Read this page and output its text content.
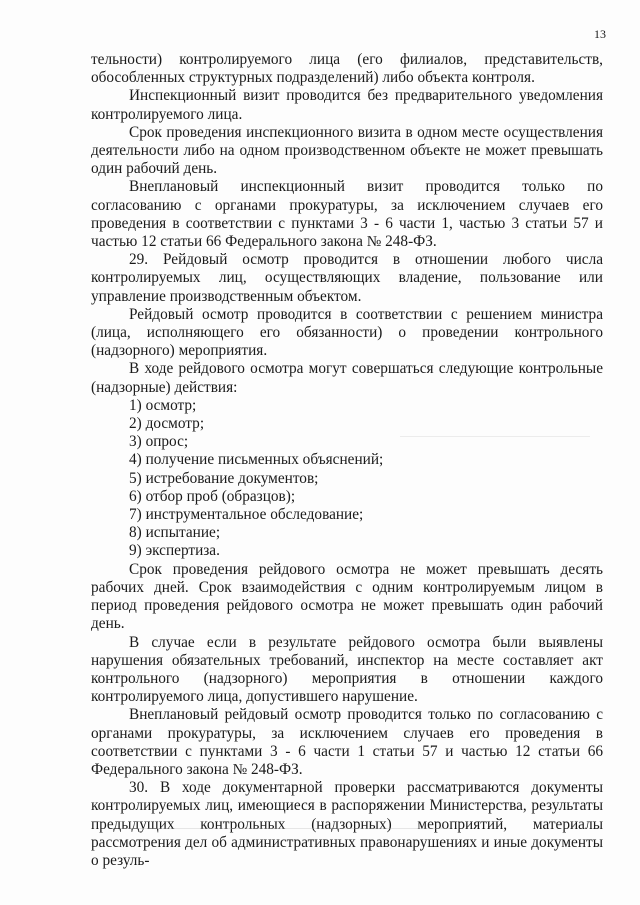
13

тельности) контролируемого лица (его филиалов, представительств, обособленных структурных подразделений) либо объекта контроля.

Инспекционный визит проводится без предварительного уведомления контролируемого лица.

Срок проведения инспекционного визита в одном месте осуществления деятельности либо на одном производственном объекте не может превышать один рабочий день.

Внеплановый инспекционный визит проводится только по согласованию с органами прокуратуры, за исключением случаев его проведения в соответствии с пунктами 3 - 6 части 1, частью 3 статьи 57 и частью 12 статьи 66 Федерального закона № 248-ФЗ.

29. Рейдовый осмотр проводится в отношении любого числа контролируемых лиц, осуществляющих владение, пользование или управление производственным объектом.

Рейдовый осмотр проводится в соответствии с решением министра (лица, исполняющего его обязанности) о проведении контрольного (надзорного) мероприятия.

В ходе рейдового осмотра могут совершаться следующие контрольные (надзорные) действия:

1) осмотр;

2) досмотр;

3) опрос;

4) получение письменных объяснений;

5) истребование документов;

6) отбор проб (образцов);

7) инструментальное обследование;

8) испытание;

9) экспертиза.

Срок проведения рейдового осмотра не может превышать десять рабочих дней. Срок взаимодействия с одним контролируемым лицом в период проведения рейдового осмотра не может превышать один рабочий день.

В случае если в результате рейдового осмотра были выявлены нарушения обязательных требований, инспектор на месте составляет акт контрольного (надзорного) мероприятия в отношении каждого контролируемого лица, допустившего нарушение.

Внеплановый рейдовый осмотр проводится только по согласованию с органами прокуратуры, за исключением случаев его проведения в соответствии с пунктами 3 - 6 части 1 статьи 57 и частью 12 статьи 66 Федерального закона № 248-ФЗ.

30. В ходе документарной проверки рассматриваются документы контролируемых лиц, имеющиеся в распоряжении Министерства, результаты предыдущих контрольных (надзорных) мероприятий, материалы рассмотрения дел об административных правонарушениях и иные документы о резуль-
